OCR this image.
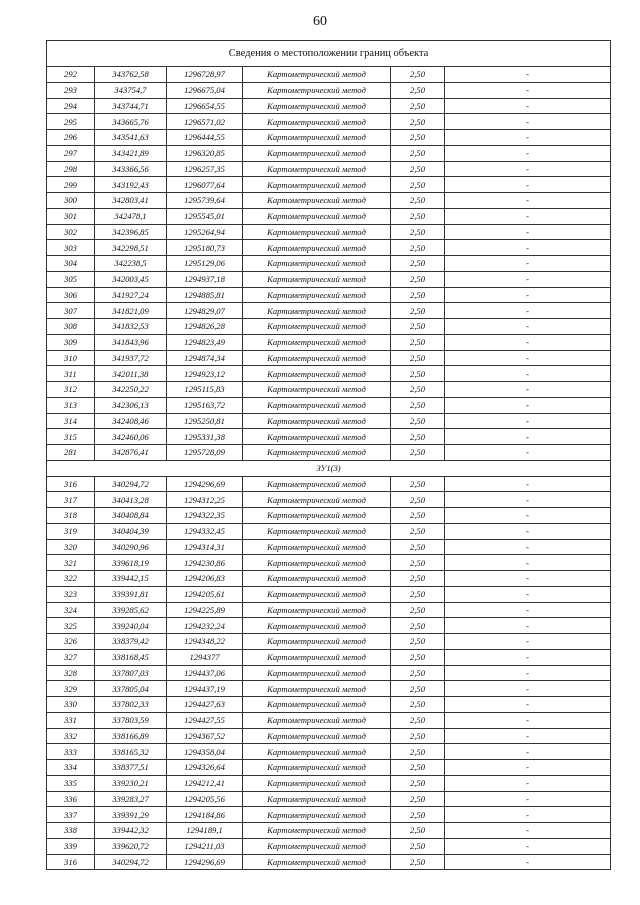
60
Сведения о местоположении границ объекта					
292	343762,58	1296728,97	Картометрический метод	2,50	-
293	343754,7	1296675,04	Картометрический метод	2,50	-
294	343744,71	1296654,55	Картометрический метод	2,50	-
295	343665,76	1296571,02	Картометрический метод	2,50	-
296	343541,63	1296444,55	Картометрический метод	2,50	-
297	343421,89	1296320,85	Картометрический метод	2,50	-
298	343366,56	1296257,35	Картометрический метод	2,50	-
299	343192,43	1296077,64	Картометрический метод	2,50	-
300	342803,41	1295739,64	Картометрический метод	2,50	-
301	342478,1	1295545,01	Картометрический метод	2,50	-
302	342396,85	1295264,94	Картометрический метод	2,50	-
303	342298,51	1295180,73	Картометрический метод	2,50	-
304	342238,5	1295129,06	Картометрический метод	2,50	-
305	342003,45	1294937,18	Картометрический метод	2,50	-
306	341927,24	1294885,81	Картометрический метод	2,50	-
307	341821,09	1294829,07	Картометрический метод	2,50	-
308	341832,53	1294826,28	Картометрический метод	2,50	-
309	341843,96	1294823,49	Картометрический метод	2,50	-
310	341937,72	1294874,34	Картометрический метод	2,50	-
311	342011,38	1294923,12	Картометрический метод	2,50	-
312	342250,22	1295115,83	Картометрический метод	2,50	-
313	342306,13	1295163,72	Картометрический метод	2,50	-
314	342408,46	1295250,81	Картометрический метод	2,50	-
315	342460,06	1295331,38	Картометрический метод	2,50	-
281	342876,41	1295728,09	Картометрический метод	2,50	-
ЗУ1(3)					
316	340294,72	1294296,69	Картометрический метод	2,50	-
317	340413,28	1294312,25	Картометрический метод	2,50	-
318	340408,84	1294322,35	Картометрический метод	2,50	-
319	340404,39	1294332,45	Картометрический метод	2,50	-
320	340290,96	1294314,31	Картометрический метод	2,50	-
321	339618,19	1294230,86	Картометрический метод	2,50	-
322	339442,15	1294206,83	Картометрический метод	2,50	-
323	339391,81	1294205,61	Картометрический метод	2,50	-
324	339285,62	1294225,89	Картометрический метод	2,50	-
325	339240,04	1294232,24	Картометрический метод	2,50	-
326	338379,42	1294348,22	Картометрический метод	2,50	-
327	338168,45	1294377	Картометрический метод	2,50	-
328	337807,03	1294437,06	Картометрический метод	2,50	-
329	337805,04	1294437,19	Картометрический метод	2,50	-
330	337802,33	1294427,63	Картометрический метод	2,50	-
331	337803,59	1294427,55	Картометрический метод	2,50	-
332	338166,89	1294367,52	Картометрический метод	2,50	-
333	338165,32	1294358,04	Картометрический метод	2,50	-
334	338377,51	1294326,64	Картометрический метод	2,50	-
335	339230,21	1294212,41	Картометрический метод	2,50	-
336	339283,27	1294205,56	Картометрический метод	2,50	-
337	339391,29	1294184,86	Картометрический метод	2,50	-
338	339442,32	1294189,1	Картометрический метод	2,50	-
339	339620,72	1294211,03	Картометрический метод	2,50	-
316	340294,72	1294296,69	Картометрический метод	2,50	-
